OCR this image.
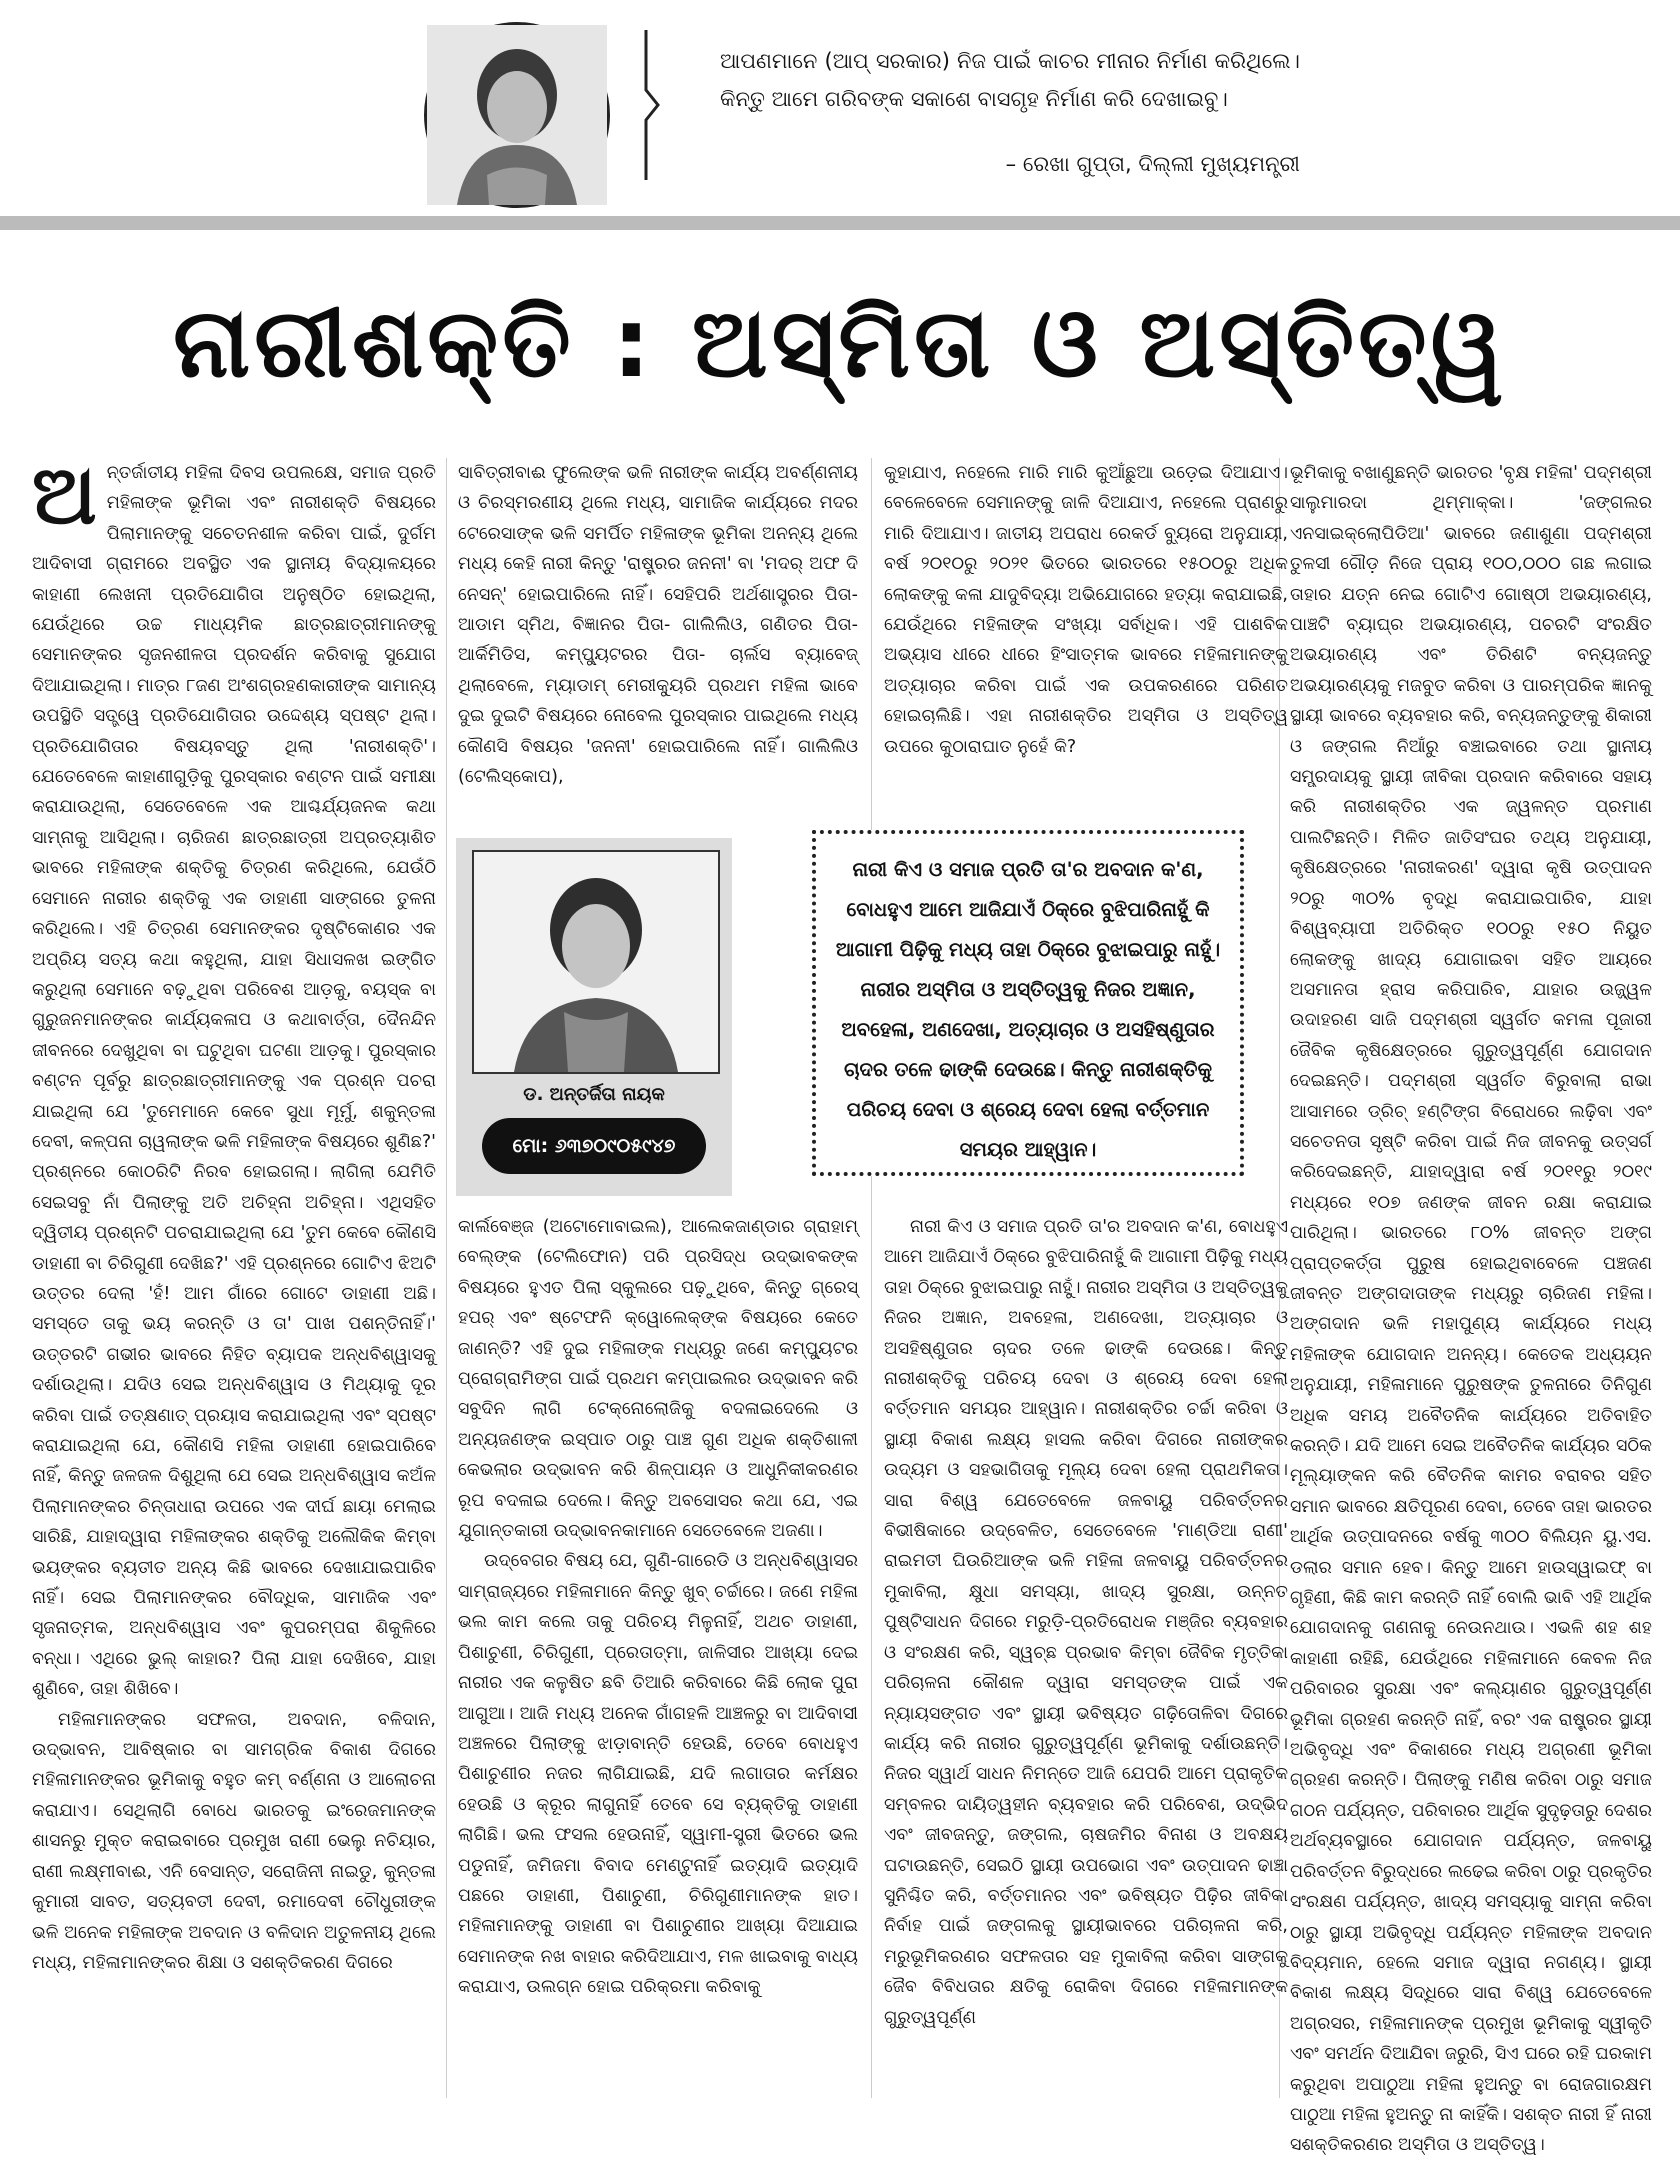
ଆପଣମାନେ (ଆପ୍ ସରକାର) ନିଜ ପାଇଁ କାଚର ମୀନାର ନିର୍ମାଣ କରିଥିଲେ। କିନ୍ତୁ ଆମେ ଗରିବଙ୍କ ସକାଶେ ବାସଗୃହ ନିର୍ମାଣ କରି ଦେଖାଇବୁ।
– ରେଖା ଗୁପ୍ତା, ଦିଲ୍ଲୀ ମୁଖ୍ୟମନ୍ତ୍ରୀ
ନାରୀଶକ୍ତି : ଅସ୍ମିତା ଓ ଅସ୍ତିତ୍ୱ

ଅନ୍ତର୍ଜାତୀୟ ମହିଳା ଦିବସ ଉପଲକ୍ଷେ, ସମାଜ ପ୍ରତି ମହିଳାଙ୍କ ଭୂମିକା ଏବଂ ନାରୀଶକ୍ତି ବିଷୟରେ ପିଲାମାନଙ୍କୁ ସଚେତନଶୀଳ କରିବା ପାଇଁ, ଦୁର୍ଗମ ଆଦିବାସୀ ଗ୍ରାମରେ ଅବସ୍ଥିତ ଏକ ସ୍ଥାନୀୟ ବିଦ୍ୟାଳୟରେ କାହାଣୀ ଲେଖନୀ ପ୍ରତିଯୋଗିତା ଅନୁଷ୍ଠିତ ହୋଇଥିଲା, ଯେଉଁଥିରେ ଉଚ୍ଚ ମାଧ୍ୟମିକ ଛାତ୍ରଛାତ୍ରୀମାନଙ୍କୁ ସେମାନଙ୍କର ସୃଜନଶୀଳତା ପ୍ରଦର୍ଶନ କରିବାକୁ ସୁଯୋଗ ଦିଆଯାଇଥିଲା। ମାତ୍ର ୮ଜଣ ଅଂଶଗ୍ରହଣକାରୀଙ୍କ ସାମାନ୍ୟ ଉପସ୍ଥିତି ସତ୍ତ୍ୱେ ପ୍ରତିଯୋଗିତାର ଉଦ୍ଦେଶ୍ୟ ସ୍ପଷ୍ଟ ଥିଲା। ପ୍ରତିଯୋଗିତାର ବିଷୟବସ୍ତୁ ଥିଲା 'ନାରୀଶକ୍ତି'। ଯେତେବେଳେ କାହାଣୀଗୁଡ଼ିକୁ ପୁରସ୍କାର ବଣ୍ଟନ ପାଇଁ ସମୀକ୍ଷା କରାଯାଉଥିଲା, ସେତେବେଳେ ଏକ ଆଶ୍ଚର୍ଯ୍ୟଜନକ କଥା ସାମ୍ନାକୁ ଆସିଥିଲା। ଚାରିଜଣ ଛାତ୍ରଛାତ୍ରୀ ଅପ୍ରତ୍ୟାଶିତ ଭାବରେ ମହିଳାଙ୍କ ଶକ୍ତିକୁ ଚିତ୍ରଣ କରିଥିଲେ, ଯେଉଁଠି ସେମାନେ ନାରୀର ଶକ୍ତିକୁ ଏକ ଡାହାଣୀ ସାଙ୍ଗରେ ତୁଳନା କରିଥିଲେ। ଏହି ଚିତ୍ରଣ ସେମାନଙ୍କର ଦୃଷ୍ଟିକୋଣର ଏକ ଅପ୍ରିୟ ସତ୍ୟ କଥା କହୁଥିଲା, ଯାହା ସିଧାସଳଖ ଇଙ୍ଗିତ କରୁଥିଲା ସେମାନେ ବଢ଼ୁଥିବା ପରିବେଶ ଆଡ଼କୁ, ବୟସ୍କ ବା ଗୁରୁଜନମାନଙ୍କର କାର୍ଯ୍ୟକଳାପ ଓ କଥାବାର୍ତ୍ତା, ଦୈନନ୍ଦିନ ଜୀବନରେ ଦେଖୁଥିବା ବା ଘଟୁଥିବା ଘଟଣା ଆଡ଼କୁ। ପୁରସ୍କାର ବଣ୍ଟନ ପୂର୍ବରୁ ଛାତ୍ରଛାତ୍ରୀମାନଙ୍କୁ ଏକ ପ୍ରଶ୍ନ ପଚରା ଯାଇଥିଲା ଯେ 'ତୁମେମାନେ କେବେ ସୁଧା ମୂର୍ମୁ, ଶକୁନ୍ତଳା ଦେବୀ, କଳ୍ପନା ଚାୱଲାଙ୍କ ଭଳି ମହିଳାଙ୍କ ବିଷୟରେ ଶୁଣିଛ?' ପ୍ରଶ୍ନରେ କୋଠରିଟି ନିରବ ହୋଇଗଲା। ଲାଗିଲା ଯେମିତି ସେଇସବୁ ନାଁ ପିଲାଙ୍କୁ ଅତି ଅଚିହ୍ନା ଅଚିହ୍ନା। ଏଥିସହିତ ଦ୍ୱିତୀୟ ପ୍ରଶ୍ନଟି ପଚରାଯାଇଥିଲା ଯେ 'ତୁମ କେବେ କୌଣସି ଡାହାଣୀ ବା ଚିରିଗୁଣୀ ଦେଖିଛ?' ଏହି ପ୍ରଶ୍ନରେ ଗୋଟିଏ ଝିଅଟି ଉତ୍ତର ଦେଲା 'ହଁ! ଆମ ଗାଁରେ ଗୋଟେ ଡାହାଣୀ ଅଛି। ସମସ୍ତେ ତାକୁ ଭୟ କରନ୍ତି ଓ ତା' ପାଖ ପଶନ୍ତିନାହିଁ।' ଉତ୍ତରଟି ଗଭୀର ଭାବରେ ନିହିତ ବ୍ୟାପକ ଅନ୍ଧବିଶ୍ୱାସକୁ ଦର୍ଶାଉଥିଲା। ଯଦିଓ ସେଇ ଅନ୍ଧବିଶ୍ୱାସ ଓ ମିଥ୍ୟାକୁ ଦୂର କରିବା ପାଇଁ ତତ୍କ୍ଷଣାତ୍ ପ୍ରୟାସ କରାଯାଇଥିଲା ଏବଂ ସ୍ପଷ୍ଟ କରାଯାଇଥିଲା ଯେ, କୌଣସି ମହିଳା ଡାହାଣୀ ହୋଇପାରିବେ ନାହିଁ, କିନ୍ତୁ ଜଳଜଳ ଦିଶୁଥିଲା ଯେ ସେଇ ଅନ୍ଧବିଶ୍ୱାସ କଅଁଳ ପିଲାମାନଙ୍କର ଚିନ୍ତାଧାରା ଉପରେ ଏକ ଦୀର୍ଘ ଛାୟା ମେଲାଇ ସାରିଛି, ଯାହାଦ୍ୱାରା ମହିଳାଙ୍କର ଶକ୍ତିକୁ ଅଲୌକିକ କିମ୍ବା ଭୟଙ୍କର ବ୍ୟତୀତ ଅନ୍ୟ କିଛି ଭାବରେ ଦେଖାଯାଇପାରିବ ନାହିଁ। ସେଇ ପିଲାମାନଙ୍କର ବୌଦ୍ଧିକ, ସାମାଜିକ ଏବଂ ସୃଜନାତ୍ମକ, ଅନ୍ଧବିଶ୍ୱାସ ଏବଂ କୁପରମ୍ପରା ଶିକୁଳିରେ ବନ୍ଧା। ଏଥିରେ ଭୁଲ୍ କାହାର? ପିଲା ଯାହା ଦେଖିବେ, ଯାହା ଶୁଣିବେ, ତାହା ଶିଖିବେ।

ମହିଳାମାନଙ୍କର ସଫଳତା, ଅବଦାନ, ବଳିଦାନ, ଉଦ୍ଭାବନ, ଆବିଷ୍କାର ବା ସାମଗ୍ରିକ ବିକାଶ ଦିଗରେ ମହିଳାମାନଙ୍କର ଭୂମିକାକୁ ବହୁତ କମ୍ ବର୍ଣ୍ଣନା ଓ ଆଲୋଚନା କରାଯାଏ। ସେଥିଲାଗି ବୋଧେ ଭାରତକୁ ଇଂରେଜମାନଙ୍କ ଶାସନରୁ ମୁକ୍ତ କରାଇବାରେ ପ୍ରମୁଖ ରାଣୀ ଭେଲୁ ନଚିୟାର, ରାଣୀ ଲକ୍ଷ୍ମୀବାଈ, ଏନି ବେସାନ୍ତ, ସରୋଜିନୀ ନାଇଡୁ, କୁନ୍ତଳା କୁମାରୀ ସାବତ, ସତ୍ୟବତୀ ଦେବୀ, ରମାଦେବୀ ଚୌଧୁରୀଙ୍କ ଭଳି ଅନେକ ମହିଳାଙ୍କ ଅବଦାନ ଓ ବଳିଦାନ ଅତୁଳନୀୟ ଥିଲେ ମଧ୍ୟ, ମହିଳାମାନଙ୍କର ଶିକ୍ଷା ଓ ସଶକ୍ତିକରଣ ଦିଗରେ

ସାବିତ୍ରୀବାଈ ଫୁଲେଙ୍କ ଭଳି ନାରୀଙ୍କ କାର୍ଯ୍ୟ ଅବର୍ଣ୍ଣନୀୟ ଓ ଚିରସ୍ମରଣୀୟ ଥିଲେ ମଧ୍ୟ, ସାମାଜିକ କାର୍ଯ୍ୟରେ ମଦର ଟେରେସାଙ୍କ ଭଳି ସମର୍ପିତ ମହିଳାଙ୍କ ଭୂମିକା ଅନନ୍ୟ ଥିଲେ ମଧ୍ୟ କେହି ନାରୀ କିନ୍ତୁ 'ରାଷ୍ଟ୍ରର ଜନନୀ' ବା 'ମଦର୍ ଅଫ ଦି ନେସନ୍' ହୋଇପାରିଲେ ନାହିଁ। ସେହିପରି ଅର୍ଥଶାସ୍ତ୍ରର ପିତା- ଆଡାମ ସ୍ମିଥ, ବିଜ୍ଞାନର ପିତା- ଗାଲିଲିଓ, ଗଣିତର ପିତା- ଆର୍କିମିଡିସ, କମ୍ପ୍ୟୁଟରର ପିତା- ଚାର୍ଲସ ବ୍ୟାବେଜ୍ ଥିଲାବେଳେ, ମ୍ୟାଡାମ୍ ମେରୀକ୍ୟୁରି ପ୍ରଥମ ମହିଳା ଭାବେ ଦୁଇ ଦୁଇଟି ବିଷୟରେ ନୋବେଲ ପୁରସ୍କାର ପାଇଥିଲେ ମଧ୍ୟ କୌଣସି ବିଷୟର 'ଜନନୀ' ହୋଇପାରିଲେ ନାହିଁ। ଗାଲିଲିଓ (ଟେଲିସ୍କୋପ),

ଡ. ଅନ୍ତର୍ଜିତା ନାୟକ
ମୋ: ୬୩୭୦୯୦୫୯୪୭

କାର୍ଲବେଞ୍ଜ (ଅଟୋମୋବାଇଲ), ଆଲେକଜାଣ୍ଡାର ଗ୍ରାହାମ୍ ବେଲ୍ଙ୍କ (ଟେଲିଫୋନ) ପରି ପ୍ରସିଦ୍ଧ ଉଦ୍ଭାବକଙ୍କ ବିଷୟରେ ହୁଏତ ପିଲା ସ୍କୁଲରେ ପଢ଼ୁଥିବେ, କିନ୍ତୁ ଗ୍ରେସ୍ ହପର୍ ଏବଂ ଷ୍ଟେଫନି କ୍ୱୋଲେକ୍ଙ୍କ ବିଷୟରେ କେତେ ଜାଣନ୍ତି? ଏହି ଦୁଇ ମହିଳାଙ୍କ ମଧ୍ୟରୁ ଜଣେ କମ୍ପ୍ୟୁଟର ପ୍ରୋଗ୍ରାମିଙ୍ଗ ପାଇଁ ପ୍ରଥମ କମ୍ପାଇଲର ଉଦ୍ଭାବନ କରି ସବୁଦିନ ଲାଗି ଟେକ୍ନୋଲୋଜିକୁ ବଦଳାଇଦେଲେ ଓ ଅନ୍ୟଜଣଙ୍କ ଇସ୍ପାତ ଠାରୁ ପାଞ୍ଚ ଗୁଣ ଅଧିକ ଶକ୍ତିଶାଳୀ କେଭଲାର ଉଦ୍ଭାବନ କରି ଶିଳ୍ପାୟନ ଓ ଆଧୁନିକୀକରଣର ରୂପ ବଦଳାଇ ଦେଲେ। କିନ୍ତୁ ଅବସୋସର କଥା ଯେ, ଏଇ ଯୁଗାନ୍ତକାରୀ ଉଦ୍ଭାବନକାମାନେ ସେତେବେଳେ ଅଜଣା।

ଉଦ୍‌ବେଗର ବିଷୟ ଯେ, ଗୁଣି-ଗାରେଡି ଓ ଅନ୍ଧବିଶ୍ୱାସର ସାମ୍ରାଜ୍ୟରେ ମହିଳାମାନେ କିନ୍ତୁ ଖୁବ୍ ଚର୍ଚ୍ଚାରେ। ଜଣେ ମହିଳା ଭଲ କାମ କଲେ ତାକୁ ପରିଚୟ ମିଳୁନାହିଁ, ଅଥଚ ଡାହାଣୀ, ପିଶାଚୁଣୀ, ଚିରିଗୁଣୀ, ପ୍ରେତାତ୍ମା, ଜାଳିସୀର ଆଖ୍ୟା ଦେଇ ନାରୀର ଏକ କଳୁଷିତ ଛବି ତିଆରି କରିବାରେ କିଛି ଲୋକ ପୁରା ଆଗୁଆ। ଆଜି ମଧ୍ୟ ଅନେକ ଗାଁଗହଳି ଆଞ୍ଚଳରୁ ବା ଆଦିବାସୀ ଅଞ୍ଚଳରେ ପିଲାଙ୍କୁ ଝାଡ଼ାବାନ୍ତି ହେଉଛି, ତେବେ ବୋଧହୁଏ ପିଶାଚୁଣୀର ନଜର ଲାଗିଯାଇଛି, ଯଦି ଲଗାତାର କର୍ମକ୍ଷର ହେଉଛି ଓ କ୍ରୂର ଲାଗୁନାହିଁ ତେବେ ସେ ବ୍ୟକ୍ତିକୁ ଡାହାଣୀ ଲାଗିଛି। ଭଲ ଫସଲ ହେଉନାହିଁ, ସ୍ୱାମୀ-ସ୍ତ୍ରୀ ଭିତରେ ଭଲ ପଡୁନାହିଁ, ଜମିଜମା ବିବାଦ ମେଣ୍ଟୁନାହିଁ ଇତ୍ୟାଦି ଇତ୍ୟାଦି ପଛରେ ଡାହାଣୀ, ପିଶାଚୁଣୀ, ଚିରିଗୁଣୀମାନଙ୍କ ହାତ। ମହିଳାମାନଙ୍କୁ ଡାହାଣୀ ବା ପିଶାଚୁଣୀର ଆଖ୍ୟା ଦିଆଯାଇ ସେମାନଙ୍କ ନଖ ବାହାର କରିଦିଆଯାଏ, ମଳ ଖାଇବାକୁ ବାଧ୍ୟ କରାଯାଏ, ଉଲଗ୍ନ ହୋଇ ପରିକ୍ରମା କରିବାକୁ

କୁହାଯାଏ, ନହେଲେ ମାରି ମାରି କୁଆଁଛୁଆ ଉଡ଼େଇ ଦିଆଯାଏ। ବେଳେବେଳେ ସେମାନଙ୍କୁ ଜାଳି ଦିଆଯାଏ, ନହେଲେ ପ୍ରାଣରୁ ମାରି ଦିଆଯାଏ। ଜାତୀୟ ଅପରାଧ ରେକର୍ଡ ବ୍ୟୁରୋ ଅନୁଯାୟୀ, ବର୍ଷ ୨୦୧୦ରୁ ୨୦୨୧ ଭିତରେ ଭାରତରେ ୧୫୦୦ରୁ ଅଧିକ ଲୋକଙ୍କୁ କଳା ଯାଦୁବିଦ୍ୟା ଅଭିଯୋଗରେ ହତ୍ୟା କରାଯାଇଛି, ଯେଉଁଥିରେ ମହିଳାଙ୍କ ସଂଖ୍ୟା ସର୍ବାଧିକ। ଏହି ପାଶବିକ ଅଭ୍ୟାସ ଧୀରେ ଧୀରେ ହିଂସାତ୍ମକ ଭାବରେ ମହିଳାମାନଙ୍କୁ ଅତ୍ୟାଚାର କରିବା ପାଇଁ ଏକ ଉପକରଣରେ ପରିଣତ ହୋଇଚାଲିଛି। ଏହା ନାରୀଶକ୍ତିର ଅସ୍ମିତା ଓ ଅସ୍ତିତ୍ୱ ଉପରେ କୁଠାରାଘାତ ନୁହେଁ କି?

ନାରୀ କିଏ ଓ ସମାଜ ପ୍ରତି ତା'ର ଅବଦାନ କ'ଣ, ବୋଧହୁଏ ଆମେ ଆଜିଯାଏଁ ଠିକ୍‌ରେ ବୁଝିପାରିନାହୁଁ କି ଆଗାମୀ ପିଢ଼ିକୁ ମଧ୍ୟ ତାହା ଠିକ୍‌ରେ ବୁଝାଇପାରୁ ନାହୁଁ। ନାରୀର ଅସ୍ମିତା ଓ ଅସ୍ତିତ୍ୱକୁ ନିଜର ଅଜ୍ଞାନ, ଅବହେଳା, ଅଣଦେଖା, ଅତ୍ୟାଚାର ଓ ଅସହିଷ୍ଣୁତାର ଚାଦର ତଳେ ଢାଙ୍କି ଦେଉଛେ। କିନ୍ତୁ ନାରୀଶକ୍ତିକୁ ପରିଚୟ ଦେବା ଓ ଶ୍ରେୟ ଦେବା ହେଲା ବର୍ତ୍ତମାନ ସମୟର ଆହ୍ୱାନ।

ନାରୀ କିଏ ଓ ସମାଜ ପ୍ରତି ତା'ର ଅବଦାନ କ'ଣ, ବୋଧହୁଏ ଆମେ ଆଜିଯାଏଁ ଠିକ୍‌ରେ ବୁଝିପାରିନାହୁଁ କି ଆଗାମୀ ପିଢ଼ିକୁ ମଧ୍ୟ ତାହା ଠିକ୍‌ରେ ବୁଝାଇପାରୁ ନାହୁଁ। ନାରୀର ଅସ୍ମିତା ଓ ଅସ୍ତିତ୍ୱକୁ ନିଜର ଅଜ୍ଞାନ, ଅବହେଳା, ଅଣଦେଖା, ଅତ୍ୟାଚାର ଓ ଅସହିଷ୍ଣୁତାର ଚାଦର ତଳେ ଢାଙ୍କି ଦେଉଛେ। କିନ୍ତୁ ନାରୀଶକ୍ତିକୁ ପରିଚୟ ଦେବା ଓ ଶ୍ରେୟ ଦେବା ହେଲା ବର୍ତ୍ତମାନ ସମୟର ଆହ୍ୱାନ। ନାରୀଶକ୍ତିର ଚର୍ଚ୍ଚା କରିବା ଓ ସ୍ଥାୟୀ ବିକାଶ ଲକ୍ଷ୍ୟ ହାସଲ କରିବା ଦିଗରେ ନାରୀଙ୍କର ଉଦ୍ୟମ ଓ ସହଭାଗିତାକୁ ମୂଲ୍ୟ ଦେବା ହେଲା ପ୍ରାଥମିକତା। ସାରା ବିଶ୍ୱ ଯେତେବେଳେ ଜଳବାୟୁ ପରିବର୍ତ୍ତନର ବିଭୀଷିକାରେ ଉଦ୍‌ବେଳିତ, ସେତେବେଳେ 'ମାଣ୍ଡିଆ ରାଣୀ' ରାଇମତୀ ଘିଉରିଆଙ୍କ ଭଳି ମହିଳା ଜଳବାୟୁ ପରିବର୍ତ୍ତନର ମୁକାବିଲା, କ୍ଷୁଧା ସମସ୍ୟା, ଖାଦ୍ୟ ସୁରକ୍ଷା, ଉନ୍ନତ ପୁଷ୍ଟିସାଧନ ଦିଗରେ ମରୁଡ଼ି-ପ୍ରତିରୋଧକ ମଞ୍ଜିର ବ୍ୟବହାର ଓ ସଂରକ୍ଷଣ କରି, ସ୍ୱଚ୍ଛ ପ୍ରଭାବ କିମ୍ବା ଜୈବିକ ମୃତ୍ତିକା ପରିଚାଳନା କୌଶଳ ଦ୍ୱାରା ସମସ୍ତଙ୍କ ପାଇଁ ଏକ ନ୍ୟାୟସଙ୍ଗତ ଏବଂ ସ୍ଥାୟୀ ଭବିଷ୍ୟତ ଗଢ଼ିତୋଳିବା ଦିଗରେ କାର୍ଯ୍ୟ କରି ନାରୀର ଗୁରୁତ୍ୱପୂର୍ଣ୍ଣ ଭୂମିକାକୁ ଦର୍ଶାଉଛନ୍ତି। ନିଜର ସ୍ୱାର୍ଥ ସାଧନ ନିମନ୍ତେ ଆଜି ଯେପରି ଆମେ ପ୍ରାକୃତିକ ସମ୍ବଳର ଦାୟିତ୍ୱହୀନ ବ୍ୟବହାର କରି ପରିବେଶ, ଉଦ୍ଭିଦ ଏବଂ ଜୀବଜନ୍ତୁ, ଜଙ୍ଗଲ, ଚାଷଜମିର ବିନାଶ ଓ ଅବକ୍ଷୟ ଘଟାଉଛନ୍ତି, ସେଇଠି ସ୍ଥାୟୀ ଉପଭୋଗ ଏବଂ ଉତ୍ପାଦନ ଢାଞ୍ଚା ସୁନିଶ୍ଚିତ କରି, ବର୍ତ୍ତମାନର ଏବଂ ଭବିଷ୍ୟତ ପିଢ଼ିର ଜୀବିକା ନିର୍ବାହ ପାଇଁ ଜଙ୍ଗଲକୁ ସ୍ଥାୟୀଭାବରେ ପରିଚାଳନା କରି, ମରୁଭୂମିକରଣର ସଫଳତାର ସହ ମୁକାବିଲା କରିବା ସାଙ୍ଗକୁ ଜୈବ ବିବିଧତାର କ୍ଷତିକୁ ରୋକିବା ଦିଗରେ ମହିଳାମାନଙ୍କ ଗୁରୁତ୍ୱପୂର୍ଣ୍ଣ

ଭୂମିକାକୁ ବଖାଣୁଛନ୍ତି ଭାରତର 'ବୃକ୍ଷ ମହିଳା' ପଦ୍ମଶ୍ରୀ ସାଲୁମାରଦା ଥିମ୍ମାକ୍କା। 'ଜଙ୍ଗଲର ଏନସାଇକ୍ଲୋପିଡିଆ' ଭାବରେ ଜଣାଶୁଣା ପଦ୍ମଶ୍ରୀ ତୁଳସୀ ଗୌଡ଼ ନିଜେ ପ୍ରାୟ ୧୦୦,୦୦୦ ଗଛ ଲଗାଇ ତାହାର ଯତ୍ନ ନେଇ ଗୋଟିଏ ଗୋଷ୍ଠୀ ଅଭୟାରଣ୍ୟ, ପାଞ୍ଚଟି ବ୍ୟାଘ୍ର ଅଭୟାରଣ୍ୟ, ପଚରଟି ସଂରକ୍ଷିତ ଅଭୟାରଣ୍ୟ ଏବଂ ତିରିଶଟି ବନ୍ୟଜନ୍ତୁ ଅଭୟାରଣ୍ୟକୁ ମଜବୁତ କରିବା ଓ ପାରମ୍ପରିକ ଜ୍ଞାନକୁ ସ୍ଥାୟୀ ଭାବରେ ବ୍ୟବହାର କରି, ବନ୍ୟଜନ୍ତୁଙ୍କୁ ଶିକାରୀ ଓ ଜଙ୍ଗଲ ନିଆଁରୁ ବଞ୍ଚାଇବାରେ ତଥା ସ୍ଥାନୀୟ ସମ୍ପ୍ରଦାୟକୁ ସ୍ଥାୟୀ ଜୀବିକା ପ୍ରଦାନ କରିବାରେ ସହାୟ କରି ନାରୀଶକ୍ତିର ଏକ ଜ୍ୱଳନ୍ତ ପ୍ରମାଣ ପାଲଟିଛନ୍ତି। ମିଳିତ ଜାତିସଂଘର ତଥ୍ୟ ଅନୁଯାୟୀ, କୃଷିକ୍ଷେତ୍ରରେ 'ନାରୀକରଣ' ଦ୍ୱାରା କୃଷି ଉତ୍ପାଦନ ୨୦ରୁ ୩୦% ବୃଦ୍ଧି କରାଯାଇପାରିବ, ଯାହା ବିଶ୍ୱବ୍ୟାପୀ ଅତିରିକ୍ତ ୧୦୦ରୁ ୧୫୦ ନିୟୁତ ଲୋକଙ୍କୁ ଖାଦ୍ୟ ଯୋଗାଇବା ସହିତ ଆୟରେ ଅସମାନତା ହ୍ରାସ କରିପାରିବ, ଯାହାର ଉଜ୍ଜ୍ୱଳ ଉଦାହରଣ ସାଜି ପଦ୍ମଶ୍ରୀ ସ୍ୱର୍ଗତ କମଳା ପୂଜାରୀ ଜୈବିକ କୃଷିକ୍ଷେତ୍ରରେ ଗୁରୁତ୍ୱପୂର୍ଣ୍ଣ ଯୋଗଦାନ ଦେଇଛନ୍ତି। ପଦ୍ମଶ୍ରୀ ସ୍ୱର୍ଗତ ବିରୁବାଲା ରାଭା ଆସାମରେ ଡ୍ରିଚ୍ ହଣ୍ଟିଙ୍ଗ ବିରୋଧରେ ଲଢ଼ିବା ଏବଂ ସଚେତନତା ସୃଷ୍ଟି କରିବା ପାଇଁ ନିଜ ଜୀବନକୁ ଉତ୍ସର୍ଗ କରିଦେଇଛନ୍ତି, ଯାହାଦ୍ୱାରା ବର୍ଷ ୨୦୧୧ରୁ ୨୦୧୯ ମଧ୍ୟରେ ୧୦୭ ଜଣଙ୍କ ଜୀବନ ରକ୍ଷା କରାଯାଇ ପାରିଥିଲା। ଭାରତରେ ୮୦% ଜୀବନ୍ତ ଅଙ୍ଗ ପ୍ରାପ୍ତକର୍ତ୍ତା ପୁରୁଷ ହୋଇଥିବାବେଳେ ପଞ୍ଚଜଣ ଜୀବନ୍ତ ଅଙ୍ଗଦାତାଙ୍କ ମଧ୍ୟରୁ ଚାରିଜଣ ମହିଳା। ଅଙ୍ଗଦାନ ଭଳି ମହାପୁଣ୍ୟ କାର୍ଯ୍ୟରେ ମଧ୍ୟ ମହିଳାଙ୍କ ଯୋଗଦାନ ଅନନ୍ୟ। କେତେକ ଅଧ୍ୟୟନ ଅନୁଯାୟୀ, ମହିଳାମାନେ ପୁରୁଷଙ୍କ ତୁଳନାରେ ତିନିଗୁଣ ଅଧିକ ସମୟ ଅବୈତନିକ କାର୍ଯ୍ୟରେ ଅତିବାହିତ କରନ୍ତି। ଯଦି ଆମେ ସେଇ ଅବୈତନିକ କାର୍ଯ୍ୟର ସଠିକ ମୂଲ୍ୟାଙ୍କନ କରି ବୈତନିକ କାମର ବରାବର ସହିତ ସମାନ ଭାବରେ କ୍ଷତିପୂରଣ ଦେବା, ତେବେ ତାହା ଭାରତର ଆର୍ଥିକ ଉତ୍ପାଦନରେ ବର୍ଷକୁ ୩୦୦ ବିଲିୟନ ୟୁ.ଏସ. ଡଲାର ସମାନ ହେବ। କିନ୍ତୁ ଆମେ ହାଉସ୍‌ୱାଇଫ୍ ବା ଗୃହିଣୀ, କିଛି କାମ କରନ୍ତି ନାହିଁ ବୋଲି ଭାବି ଏହି ଆର୍ଥିକ ଯୋଗଦାନକୁ ଗଣନାକୁ ନେଉନଥାଉ। ଏଭଳି ଶହ ଶହ କାହାଣୀ ରହିଛି, ଯେଉଁଥିରେ ମହିଳାମାନେ କେବଳ ନିଜ ପରିବାରର ସୁରକ୍ଷା ଏବଂ କଲ୍ୟାଣର ଗୁରୁତ୍ୱପୂର୍ଣ୍ଣ ଭୂମିକା ଗ୍ରହଣ କରନ୍ତି ନାହିଁ, ବରଂ ଏକ ରାଷ୍ଟ୍ରର ସ୍ଥାୟୀ ଅଭିବୃଦ୍ଧି ଏବଂ ବିକାଶରେ ମଧ୍ୟ ଅଗ୍ରଣୀ ଭୂମିକା ଗ୍ରହଣ କରନ୍ତି। ପିଲାଙ୍କୁ ମଣିଷ କରିବା ଠାରୁ ସମାଜ ଗଠନ ପର୍ଯ୍ୟନ୍ତ, ପରିବାରର ଆର୍ଥିକ ସୁଦୃଢ଼ତାରୁ ଦେଶର ଅର୍ଥବ୍ୟବସ୍ଥାରେ ଯୋଗଦାନ ପର୍ଯ୍ୟନ୍ତ, ଜଳବାୟୁ ପରିବର୍ତ୍ତନ ବିରୁଦ୍ଧରେ ଲଢେଇ କରିବା ଠାରୁ ପ୍ରକୃତିର ସଂରକ୍ଷଣ ପର୍ଯ୍ୟନ୍ତ, ଖାଦ୍ୟ ସମସ୍ୟାକୁ ସାମ୍ନା କରିବା ଠାରୁ ସ୍ଥାୟୀ ଅଭିବୃଦ୍ଧି ପର୍ଯ୍ୟନ୍ତ ମହିଳାଙ୍କ ଅବଦାନ ବିଦ୍ୟମାନ, ହେଲେ ସମାଜ ଦ୍ୱାରା ନଗଣ୍ୟ। ସ୍ଥାୟୀ ବିକାଶ ଲକ୍ଷ୍ୟ ସିଦ୍ଧିରେ ସାରା ବିଶ୍ୱ ଯେତେବେଳେ ଅଗ୍ରସର, ମହିଳାମାନଙ୍କ ପ୍ରମୁଖ ଭୂମିକାକୁ ସ୍ୱୀକୃତି ଏବଂ ସମର୍ଥନ ଦିଆଯିବା ଜରୁରି, ସିଏ ଘରେ ରହି ଘରକାମ କରୁଥିବା ଅପାଠୁଆ ମହିଳା ହୁଅନ୍ତୁ ବା ରୋଜଗାରକ୍ଷମ ପାଠୁଆ ମହିଳା ହୁଅନ୍ତୁ ନା କାହିଁକି। ସଶକ୍ତ ନାରୀ ହିଁ ନାରୀ ସଶକ୍ତିକରଣର ଅସ୍ମିତା ଓ ଅସ୍ତିତ୍ୱ।
